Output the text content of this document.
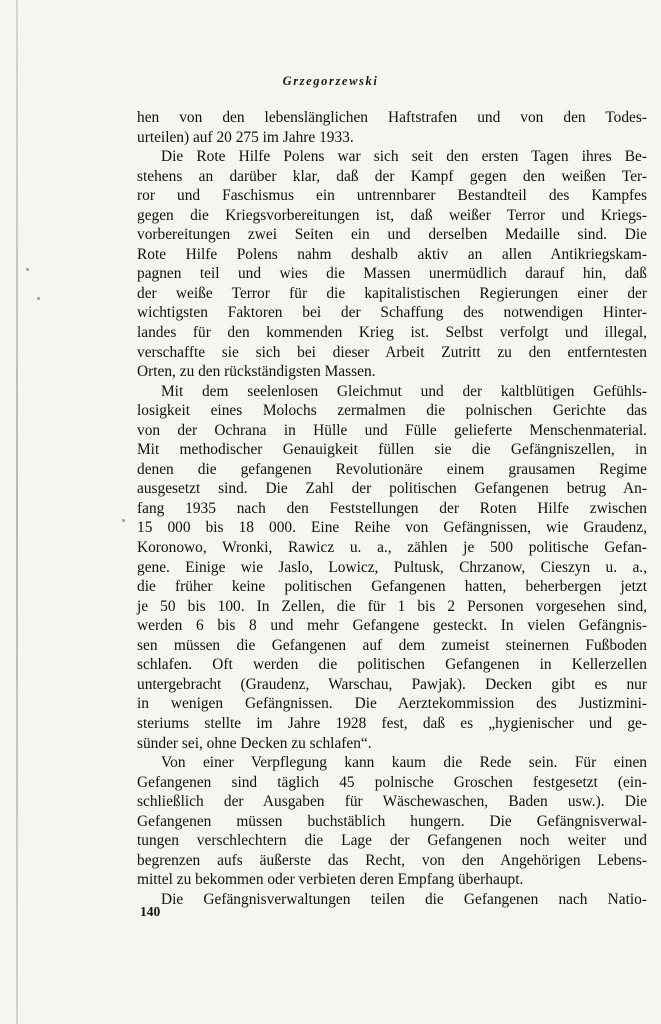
Grzegorzewski
hen von den lebenslänglichen Haftstrafen und von den Todes-
urteilen) auf 20 275 im Jahre 1933.
Die Rote Hilfe Polens war sich seit den ersten Tagen ihres Be-
stehens an darüber klar, daß der Kampf gegen den weißen Ter-
ror und Faschismus ein untrennbarer Bestandteil des Kampfes
gegen die Kriegsvorbereitungen ist, daß weißer Terror und Kriegs-
vorbereitungen zwei Seiten ein und derselben Medaille sind. Die
Rote Hilfe Polens nahm deshalb aktiv an allen Antikriegskam-
pagnen teil und wies die Massen unermüdlich darauf hin, daß
der weiße Terror für die kapitalistischen Regierungen einer der
wichtigsten Faktoren bei der Schaffung des notwendigen Hinter-
landes für den kommenden Krieg ist. Selbst verfolgt und illegal,
verschaffte sie sich bei dieser Arbeit Zutritt zu den entferntesten
Orten, zu den rückständigsten Massen.
Mit dem seelenlosen Gleichmut und der kaltblütigen Gefühls-
losigkeit eines Molochs zermalmen die polnischen Gerichte das
von der Ochrana in Hülle und Fülle gelieferte Menschenmaterial.
Mit methodischer Genauigkeit füllen sie die Gefängniszellen, in
denen die gefangenen Revolutionäre einem grausamen Regime
ausgesetzt sind. Die Zahl der politischen Gefangenen betrug An-
fang 1935 nach den Feststellungen der Roten Hilfe zwischen
15 000 bis 18 000. Eine Reihe von Gefängnissen, wie Graudenz,
Koronowo, Wronki, Rawicz u. a., zählen je 500 politische Gefan-
gene. Einige wie Jaslo, Lowicz, Pultusk, Chrzanow, Cieszyn u. a.,
die früher keine politischen Gefangenen hatten, beherbergen jetzt
je 50 bis 100. In Zellen, die für 1 bis 2 Personen vorgesehen sind,
werden 6 bis 8 und mehr Gefangene gesteckt. In vielen Gefängnis-
sen müssen die Gefangenen auf dem zumeist steinernen Fußboden
schlafen. Oft werden die politischen Gefangenen in Kellerzellen
untergebracht (Graudenz, Warschau, Pawjak). Decken gibt es nur
in wenigen Gefängnissen. Die Aerztekommission des Justizmini-
steriums stellte im Jahre 1928 fest, daß es „hygienischer und ge-
sünder sei, ohne Decken zu schlafen“.
Von einer Verpflegung kann kaum die Rede sein. Für einen
Gefangenen sind täglich 45 polnische Groschen festgesetzt (ein-
schließlich der Ausgaben für Wäschewaschen, Baden usw.). Die
Gefangenen müssen buchstäblich hungern. Die Gefängnisverwal-
tungen verschlechtern die Lage der Gefangenen noch weiter und
begrenzen aufs äußerste das Recht, von den Angehörigen Lebens-
mittel zu bekommen oder verbieten deren Empfang überhaupt.
Die Gefängnisverwaltungen teilen die Gefangenen nach Natio-
140
